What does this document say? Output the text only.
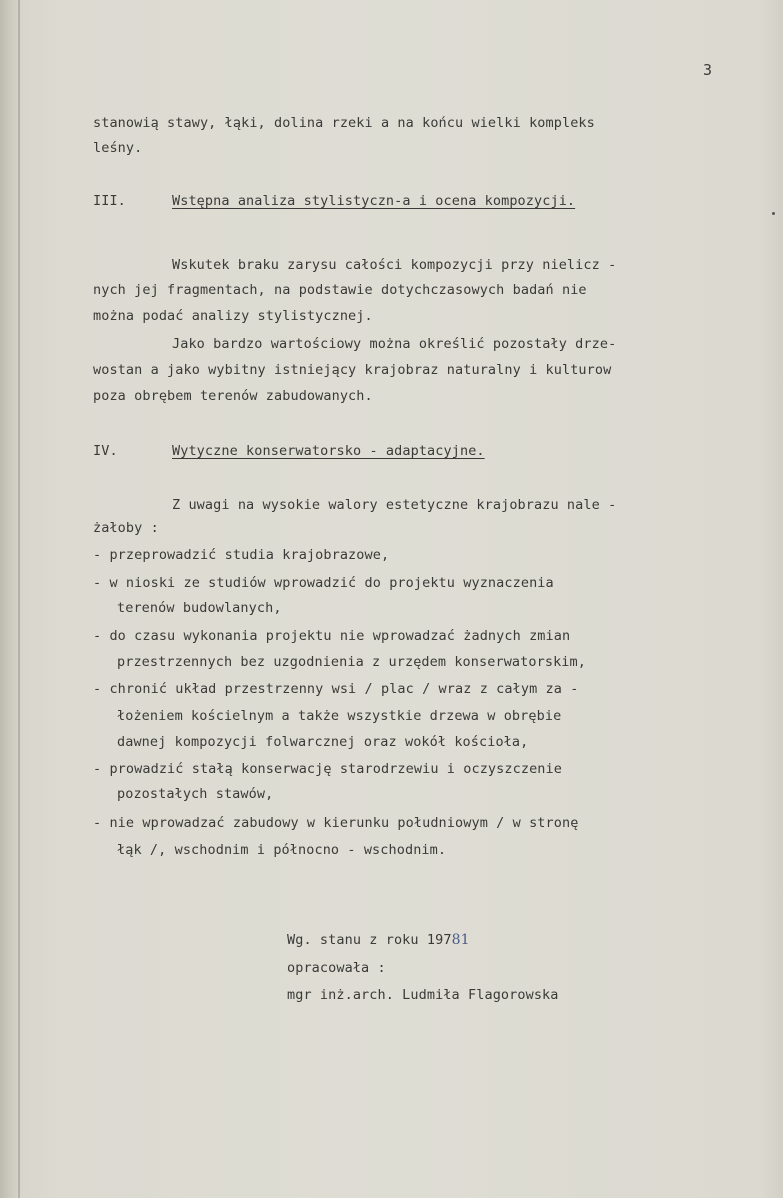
3
stanowią stawy, łąki, dolina rzeki a na końcu wielki kompleks
leśny.
III.	Wstępna analiza stylistyczn-a i ocena kompozycji.
Wskutek braku zarysu całości kompozycji przy nielicz -
nych jej fragmentach, na podstawie dotychczasowych badań nie
można podać analizy stylistycznej.
Jako bardzo wartościowy można określić pozostały drze-
wostan a jako wybitny istniejący krajobraz naturalny i kulturow
poza obrębem terenów zabudowanych.
IV.	Wytyczne konserwatorsko - adaptacyjne.
Z uwagi na wysokie walory estetyczne krajobrazu nale -
żałoby :
- przeprowadzić studia krajobrazowe,
- w nioski ze studiów wprowadzić do projektu wyznaczenia
terenów budowlanych,
- do czasu wykonania projektu nie wprowadzać żadnych zmian
przestrzennych bez uzgodnienia z urzędem konserwatorskim,
- chronić układ przestrzenny wsi / plac / wraz z całym za -
łożeniem kościelnym a także wszystkie drzewa w obrębie
dawnej kompozycji folwarcznej oraz wokół kościoła,
- prowadzić stałą konserwację starodrzewiu i oczyszczenie
pozostałych stawów,
- nie wprowadzać zabudowy w kierunku południowym / w stronę
łąk /, wschodnim i północno - wschodnim.
Wg. stanu z roku 19781
opracowała :
mgr inż.arch. Ludmiła Flagorowska
